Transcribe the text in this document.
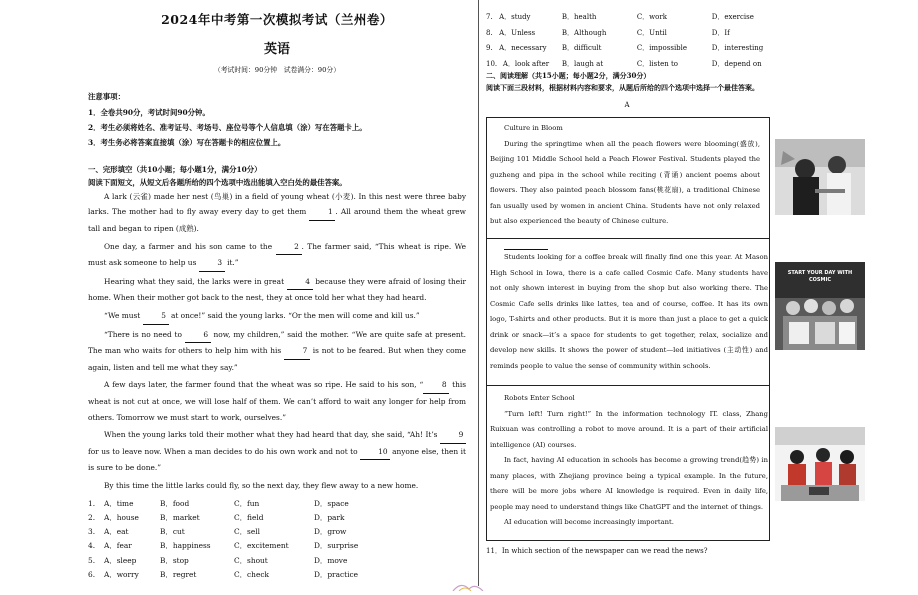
2024年中考第一次模拟考试（兰州卷）
英语
（考试时间：90分钟　试卷满分：90分）
注意事项：
1．全卷共90分，考试时间90分钟。
2．考生必须将姓名、准考证号、考场号、座位号等个人信息填（涂）写在答题卡上。
3．考生务必将答案直接填（涂）写在答题卡的相应位置上。
一、完形填空（共10小题；每小题1分，满分10分）
阅读下面短文，从短文后各题所给的四个选项中选出能填入空白处的最佳答案。
A lark (云雀) made her nest (鸟巢) in a field of young wheat (小麦). In this nest were three baby larks. The mother had to fly away every day to get them	1 . All around them the wheat grew tall and began to ripen (成熟).
One day, a farmer and his son came to the	2 . The farmer said, “This wheat is ripe. We must ask someone to help us	3 it.”
Hearing what they said, the larks were in great	4 because they were afraid of losing their home. When their mother got back to the nest, they at once told her what they had heard.
“We must	5 at once!” said the young larks. “Or the men will come and kill us.”
“There is no need to	6 now, my children,” said the mother. “We are quite safe at present. The man who waits for others to help him with his	7 is not to be feared. But when they come again, listen and tell me what they say.”
A few days later, the farmer found that the wheat was so ripe. He said to his son, “	8 this wheat is not cut at once, we will lose half of them. We can’t afford to wait any longer for help from others. Tomorrow we must start to work, ourselves.”
When the young larks told their mother what they had heard that day, she said, “Ah! It’s	9 for us to leave now. When a man decides to do his own work and not to	10 anyone else, then it is sure to be done.”
By this time the little larks could fly, so the next day, they flew away to a new home.
1.	A．time	B．food	C．fun	D．space
2.	A．house	B．market	C．field	D．park
3.	A．eat	B．cut	C．sell	D．grow
4.	A．fear	B．happiness	C．excitement	D．surprise
5.	A．sleep	B．stop	C．shout	D．move
6.	A．worry	B．regret	C．check	D．practice
7. A．study	B．health	C．work	D．exercise
8. A．Unless	B．Although	C．Until	D．If
9. A．necessary	B．difficult	C．impossible	D．interesting
10. A．look after	B．laugh at	C．listen to	D．depend on
二、阅读理解（共15小题；每小题2分，满分30分）
阅读下面三段材料，根据材料内容和要求，从题后所给的四个选项中选择一个最佳答案。
A
Culture in Bloom
During the springtime when all the peach flowers were blooming(盛放), Beijing 101 Middle School held a Peach Flower Festival. Students played the guzheng and pipa in the school while reciting (背诵) ancient poems about flowers. They also painted peach blossom fans(桃花扇), a traditional Chinese fan usually used by women in ancient China. Students have not only relaxed but also experienced the beauty of Chinese culture.
Students looking for a coffee break will finally find one this year. At Mason High School in Iowa, there is a cafe called Cosmic Cafe. Many students have not only shown interest in buying from the shop but also working there. The Cosmic Cafe sells drinks like lattes, tea and of course, coffee. It has its own logo, T-shirts and other products. But it is more than just a place to get a quick drink or snack—it’s a space for students to get together, relax, socialize and develop new skills. It shows the power of student—led initiatives (主动性) and reminds people to value the sense of community within schools.
Robots Enter School
“Turn left! Turn right!” In the information technology IT. class, Zhang Ruixuan was controlling a robot to move around. It is a part of their artificial intelligence (AI) courses.
In fact, having AI education in schools has become a growing trend(趋势) in many places, with Zhejiang province being a typical example. In the future, there will be more jobs where AI knowledge is required. Even in daily life, people may need to understand things like ChatGPT and the internet of things.
AI education will become increasingly important.
START YOUR DAY WITH COSMIC
11．In which section of the newspaper can we read the news?
